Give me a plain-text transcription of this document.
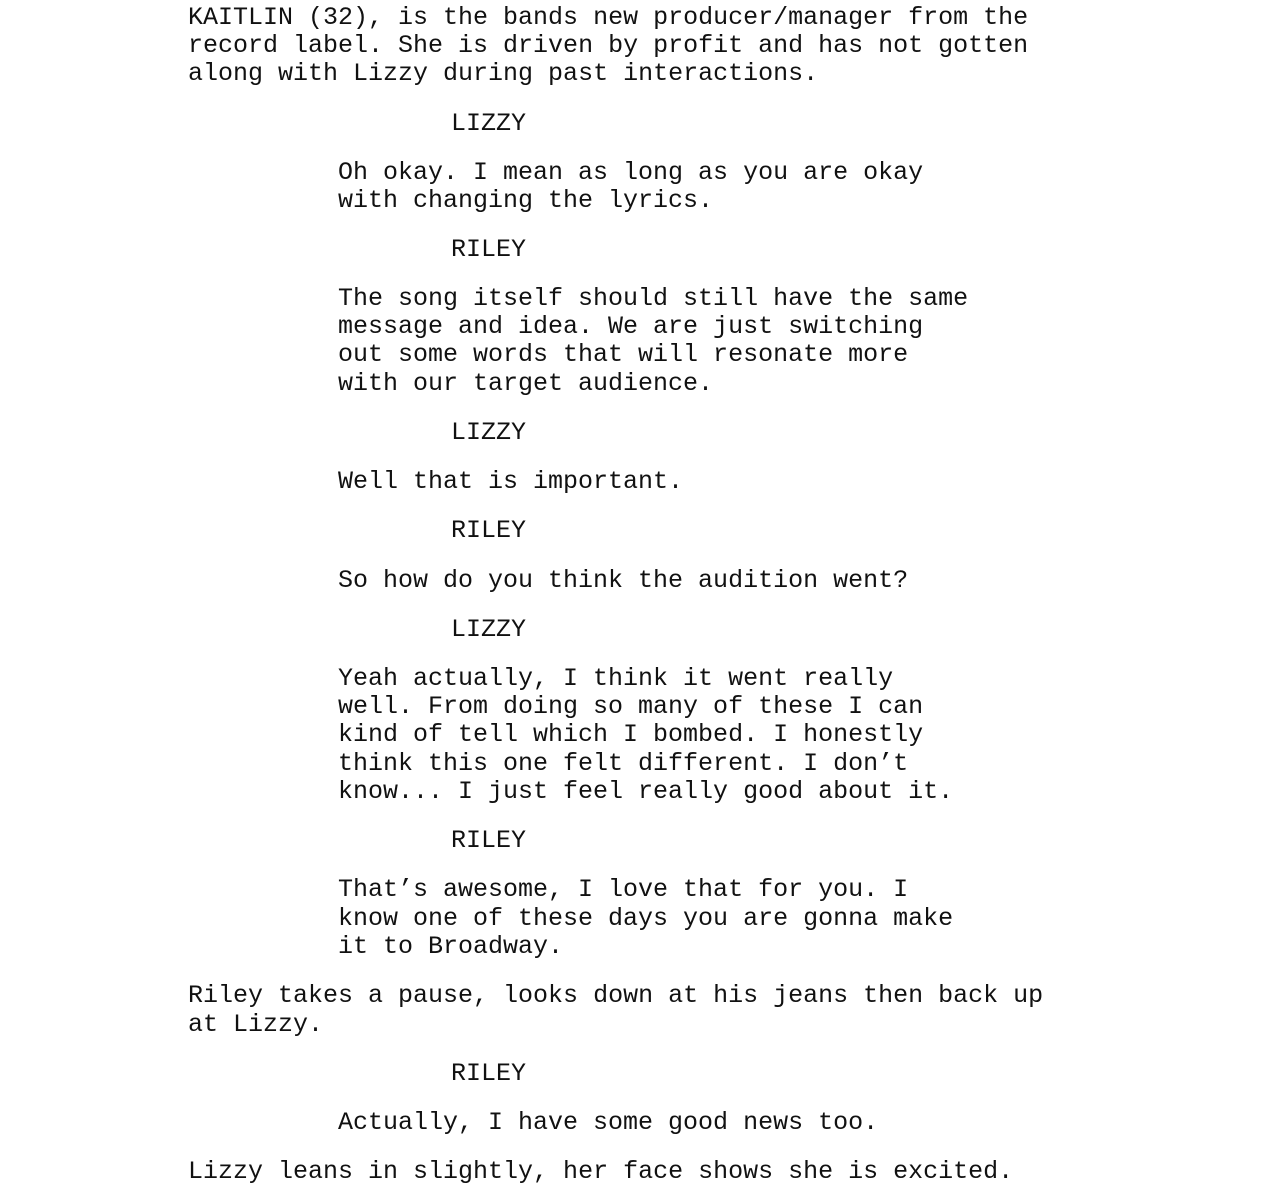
KAITLIN (32), is the bands new producer/manager from the
record label. She is driven by profit and has not gotten
along with Lizzy during past interactions.
LIZZY
Oh okay. I mean as long as you are okay
with changing the lyrics.
RILEY
The song itself should still have the same
message and idea. We are just switching
out some words that will resonate more
with our target audience.
LIZZY
Well that is important.
RILEY
So how do you think the audition went?
LIZZY
Yeah actually, I think it went really
well. From doing so many of these I can
kind of tell which I bombed. I honestly
think this one felt different. I don’t
know... I just feel really good about it.
RILEY
That’s awesome, I love that for you. I
know one of these days you are gonna make
it to Broadway.
Riley takes a pause, looks down at his jeans then back up
at Lizzy.
RILEY
Actually, I have some good news too.
Lizzy leans in slightly, her face shows she is excited.
